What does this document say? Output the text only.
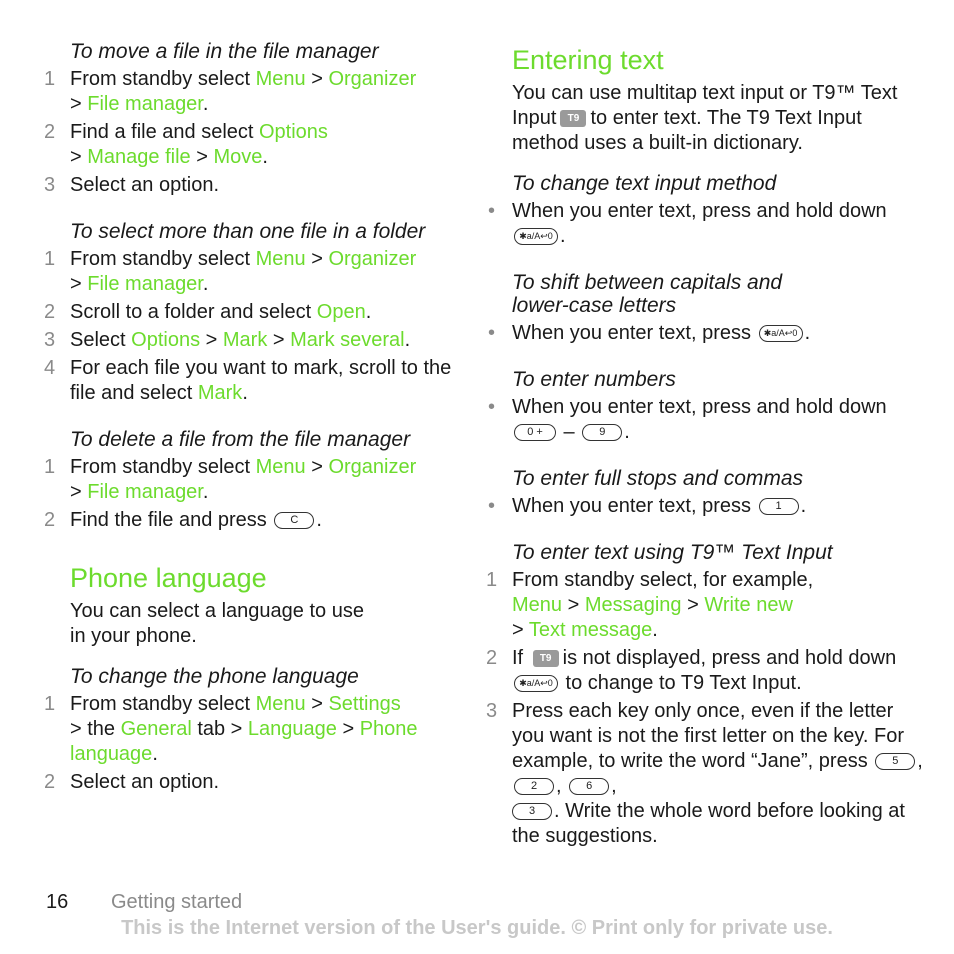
To move a file in the file manager
1 From standby select Menu > Organizer
> File manager.
2 Find a file and select Options
> Manage file > Move.
3 Select an option.
To select more than one file in a folder
1 From standby select Menu > Organizer
> File manager.
2 Scroll to a folder and select Open.
3 Select Options > Mark > Mark several.
4 For each file you want to mark, scroll to the file and select Mark.
To delete a file from the file manager
1 From standby select Menu > Organizer
> File manager.
2 Find the file and press C .
Phone language

You can select a language to use
in your phone.

To change the phone language
1 From standby select Menu > Settings
> the General tab > Language > Phone language.
2 Select an option.
Entering text

You can use multitap text input or T9™ Text Input T9 to enter text. The T9 Text Input method uses a built-in dictionary.

To change text input method
• When you enter text, press and hold down ✱a/A↩0 .
To shift between capitals and
lower-case letters
• When you enter text, press ✱a/A↩0 .
To enter numbers
• When you enter text, press and hold down 0 + – 9 .
To enter full stops and commas
• When you enter text, press 1 .
To enter text using T9™ Text Input
1 From standby select, for example,
Menu > Messaging > Write new
> Text message.
2 If T9 is not displayed, press and hold down ✱a/A↩0 to change to T9 Text Input.
3 Press each key only once, even if the letter you want is not the first letter on the key. For example, to write the word “Jane”, press 5 , 2 , 6 ,
3 . Write the whole word before looking at the suggestions.
16 Getting started
This is the Internet version of the User's guide. © Print only for private use.
